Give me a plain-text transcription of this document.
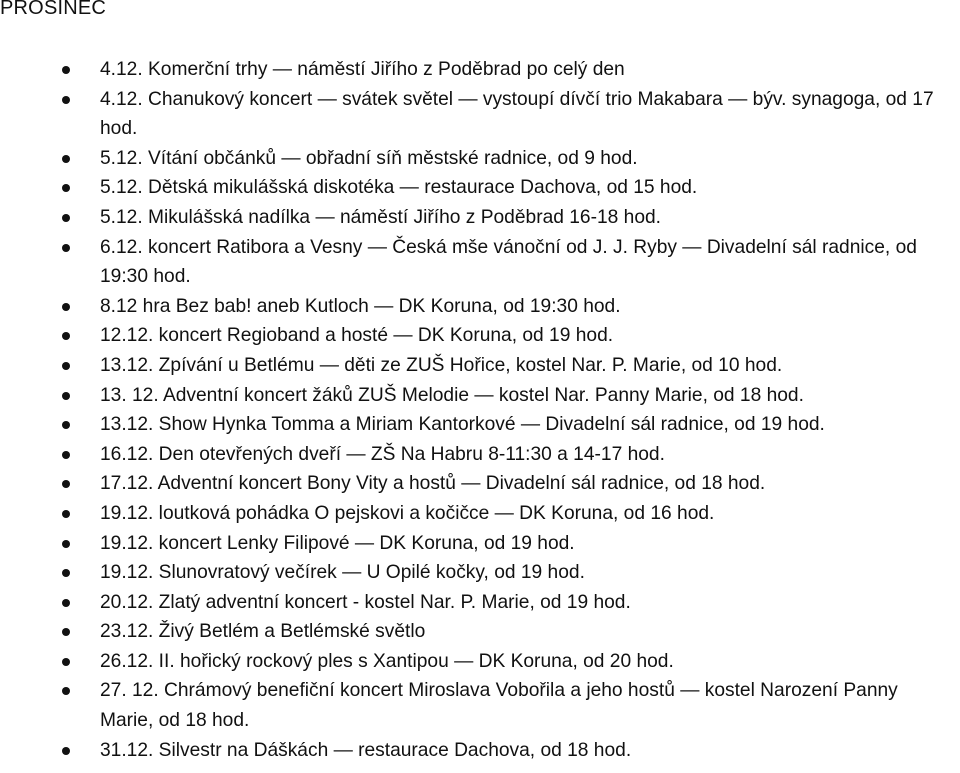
PROSINEC
4.12. Komerční trhy — náměstí Jiřího z Poděbrad po celý den
4.12. Chanukový koncert — svátek světel — vystoupí dívčí trio Makabara — býv. synagoga, od 17 hod.
5.12. Vítání občánků — obřadní síň městské radnice, od 9 hod.
5.12. Dětská mikulášská diskotéka — restaurace Dachova, od 15 hod.
5.12. Mikulášská nadílka — náměstí Jiřího z Poděbrad 16-18 hod.
6.12. koncert Ratibora a Vesny — Česká mše vánoční od J. J. Ryby — Divadelní sál radnice, od 19:30 hod.
8.12 hra Bez bab! aneb Kutloch — DK Koruna, od 19:30 hod.
12.12. koncert Regioband a hosté — DK Koruna, od 19 hod.
13.12. Zpívání u Betlému — děti ze ZUŠ Hořice, kostel Nar. P. Marie, od 10 hod.
13. 12. Adventní koncert žáků ZUŠ Melodie — kostel Nar. Panny Marie, od 18 hod.
13.12. Show Hynka Tomma a Miriam Kantorkové — Divadelní sál radnice, od 19 hod.
16.12. Den otevřených dveří — ZŠ Na Habru 8-11:30 a 14-17 hod.
17.12. Adventní koncert Bony Vity a hostů — Divadelní sál radnice, od 18 hod.
19.12. loutková pohádka O pejskovi a kočičce — DK Koruna, od 16 hod.
19.12. koncert Lenky Filipové — DK Koruna, od 19 hod.
19.12. Slunovratový večírek — U Opilé kočky, od 19 hod.
20.12. Zlatý adventní koncert - kostel Nar. P. Marie, od 19 hod.
23.12. Živý Betlém a Betlémské světlo
26.12. II. hořický rockový ples s Xantipou — DK Koruna, od 20 hod.
27. 12. Chrámový benefiční koncert Miroslava Vobořila a jeho hostů — kostel Narození Panny Marie, od 18 hod.
31.12. Silvestr na Dáškách — restaurace Dachova, od 18 hod.
